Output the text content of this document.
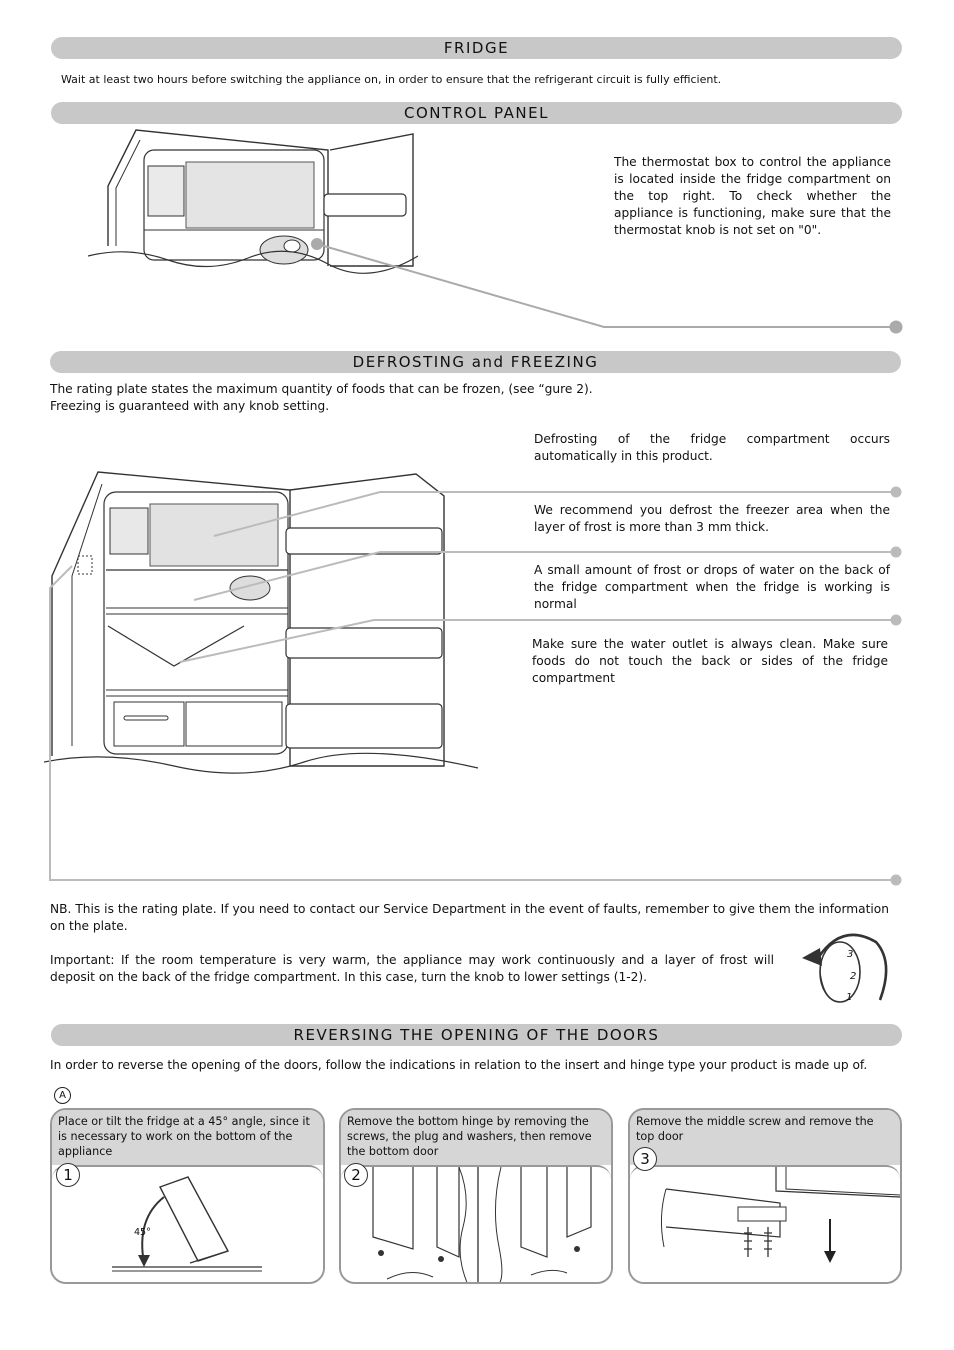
FRIDGE
Wait at least two hours before switching the appliance on, in order to ensure that the refrigerant circuit is fully efficient.
CONTROL PANEL
The thermostat box to control the appliance is located inside the fridge compartment on the top right. To check whether the appliance is functioning, make sure that the thermostat knob is not set on "0".
DEFROSTING and FREEZING
The rating plate states the maximum quantity of foods that can be frozen, (see “gure 2).
Freezing is guaranteed with any knob setting.
Defrosting of the fridge compartment occurs automatically in this product.
We recommend you defrost the freezer area when the layer of frost is more than 3 mm thick.
A small amount of frost or drops of water on the back of the fridge compartment when the fridge is working is normal
Make sure the water outlet is always clean. Make sure foods do not touch the back or sides of the fridge compartment
NB. This is the rating plate. If you need to contact our Service Department in the event of faults, remember to give them the information on the plate.
Important: If the room temperature is very warm, the appliance may work continuously and a layer of frost will deposit on the back of the fridge compartment. In this case, turn the knob to lower settings (1-2).
3
2
1
REVERSING THE OPENING OF THE DOORS
In order to reverse the opening of the doors, follow the indications in relation to the insert and hinge type your product is made up of.
A
Place or tilt the fridge at a 45° angle, since it is necessary to work on the bottom of the appliance
1
45°
Remove the bottom hinge by removing the screws, the plug and washers, then remove the bottom door
2
Remove the middle screw and remove the top door
3
